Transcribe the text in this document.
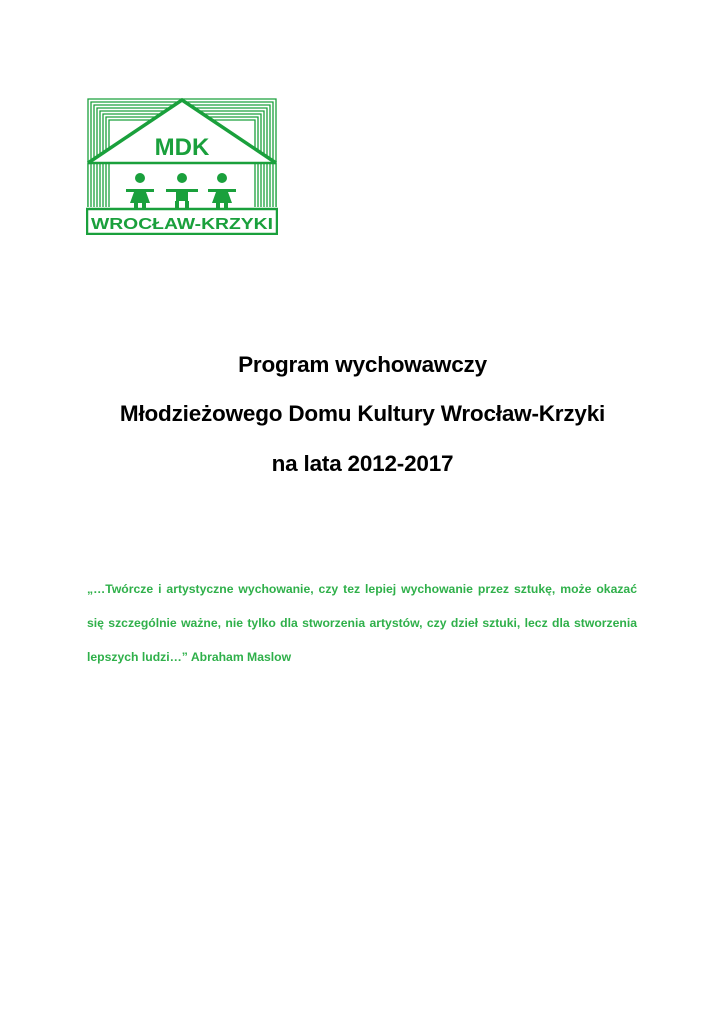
MDK
WROCŁAW-KRZYKI

Program wychowawczy

Młodzieżowego Domu Kultury Wrocław-Krzyki

na lata 2012-2017

„…Twórcze i artystyczne wychowanie, czy tez lepiej wychowanie przez sztukę, może okazać się szczególnie ważne, nie tylko dla stworzenia artystów, czy dzieł sztuki, lecz dla stworzenia lepszych ludzi…” Abraham Maslow
